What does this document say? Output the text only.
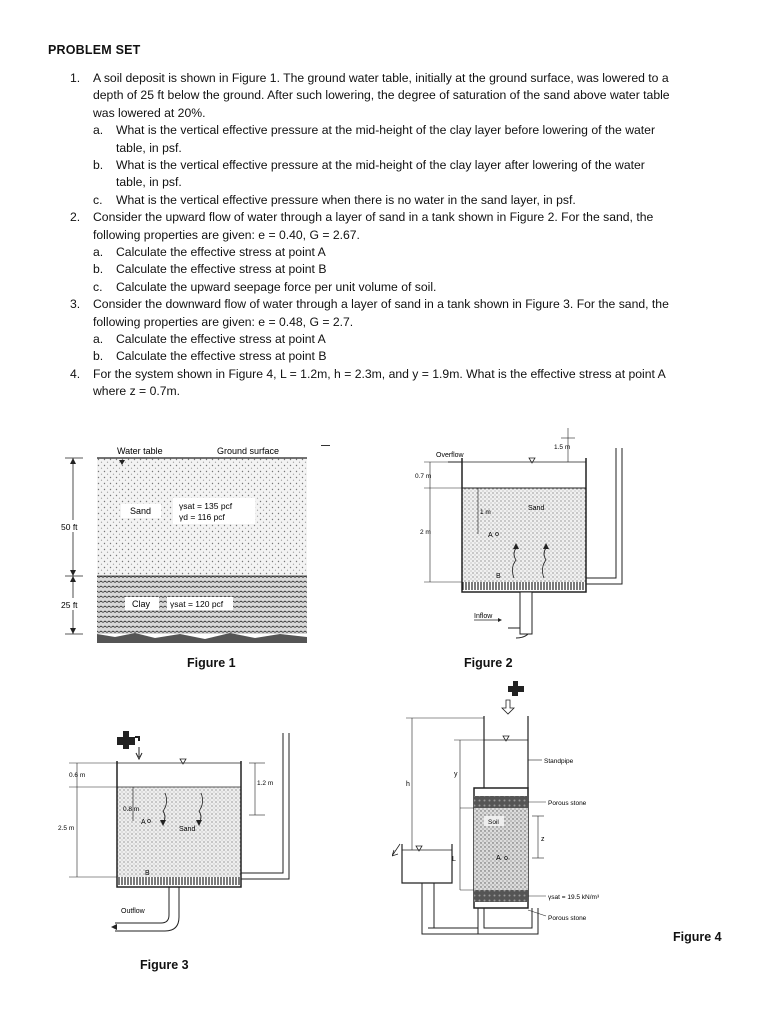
PROBLEM SET
1. A soil deposit is shown in Figure 1. The ground water table, initially at the ground surface, was lowered to a
depth of 25 ft below the ground. After such lowering, the degree of saturation of the sand above water table
was lowered at 20%.
a. What is the vertical effective pressure at the mid-height of the clay layer before lowering of the water
table, in psf.
b. What is the vertical effective pressure at the mid-height of the clay layer after lowering of the water
table, in psf.
c. What is the vertical effective pressure when there is no water in the sand layer, in psf.
2. Consider the upward flow of water through a layer of sand in a tank shown in Figure 2. For the sand, the
following properties are given: e = 0.40, G = 2.67.
a. Calculate the effective stress at point A
b. Calculate the effective stress at point B
c. Calculate the upward seepage force per unit volume of soil.
3. Consider the downward flow of water through a layer of sand in a tank shown in Figure 3. For the sand, the
following properties are given: e = 0.48, G = 2.7.
a. Calculate the effective stress at point A
b. Calculate the effective stress at point B
4. For the system shown in Figure 4, L = 1.2m, h = 2.3m, and y = 1.9m. What is the effective stress at point A
where z = 0.7m.
Water table	Ground surface
Sand	γsat = 135 pcf
γd = 116 pcf
Clay γsat = 120 pcf
50 ft
25 ft
Figure 1
Overflow
Inflow
1.5 m
0.7 m
2 m
1 m
A
B
Sand
Figure 2
1.2 m
0.6 m
2.5 m
0.8 m
A
B
Sand
Outflow
Figure 3
Soil
A
z
Standpipe
Porous stone
γsat = 19.5 kN/m³
Porous stone
h
y
L
Figure 4
